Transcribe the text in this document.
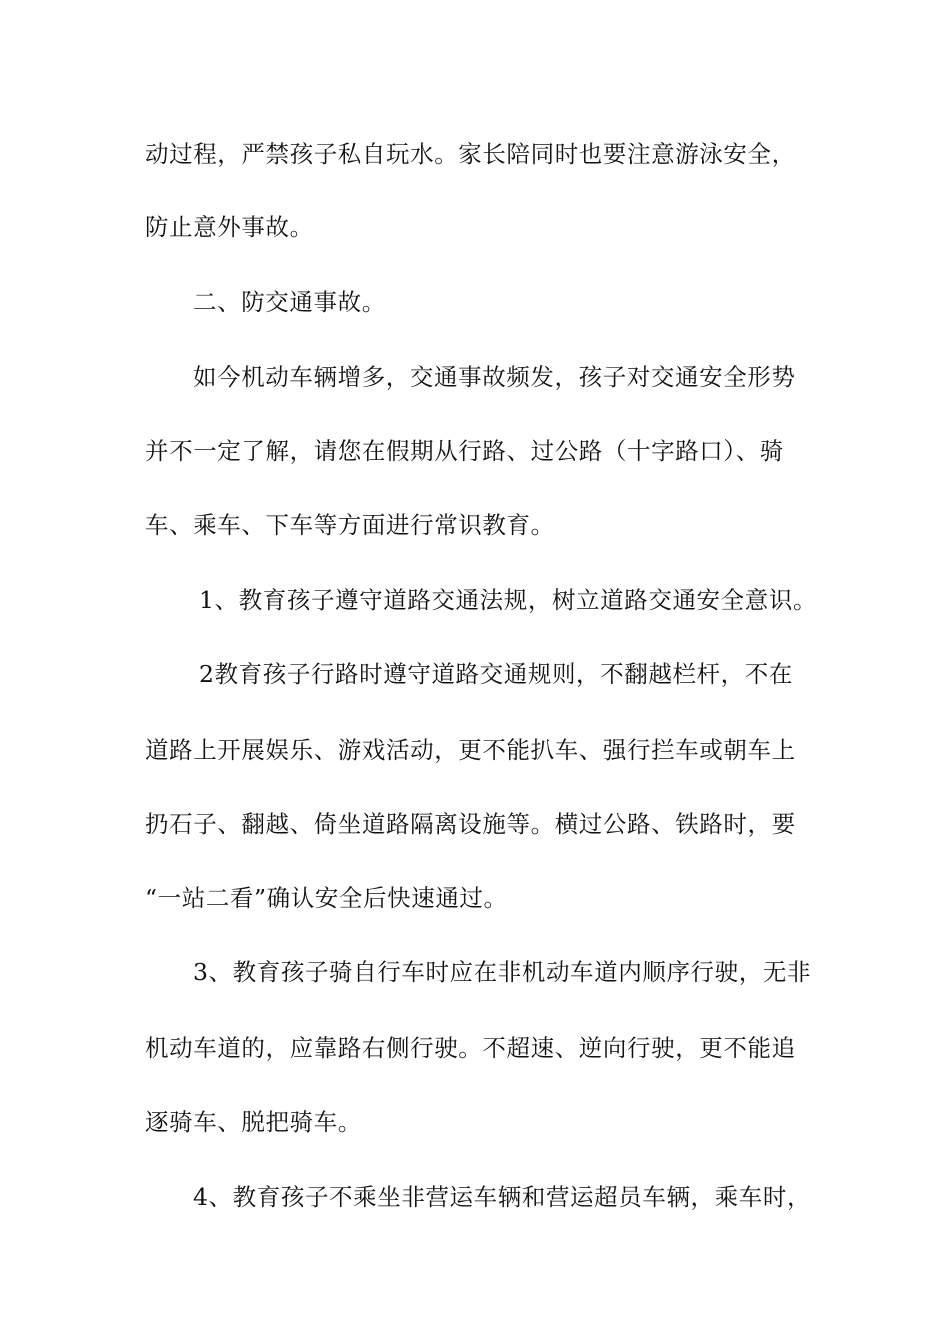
动过程，严禁孩子私自玩水。家长陪同时也要注意游泳安全，
防止意外事故。
二、防交通事故。
如今机动车辆增多，交通事故频发，孩子对交通安全形势
并不一定了解，请您在假期从行路、过公路（十字路口）、骑
车、乘车、下车等方面进行常识教育。
1、教育孩子遵守道路交通法规，树立道路交通安全意识。
2教育孩子行路时遵守道路交通规则，不翻越栏杆，不在
道路上开展娱乐、游戏活动，更不能扒车、强行拦车或朝车上
扔石子、翻越、倚坐道路隔离设施等。横过公路、铁路时，要
“一站二看”确认安全后快速通过。
3、教育孩子骑自行车时应在非机动车道内顺序行驶，无非
机动车道的，应靠路右侧行驶。不超速、逆向行驶，更不能追
逐骑车、脱把骑车。
4、教育孩子不乘坐非营运车辆和营运超员车辆，乘车时，
